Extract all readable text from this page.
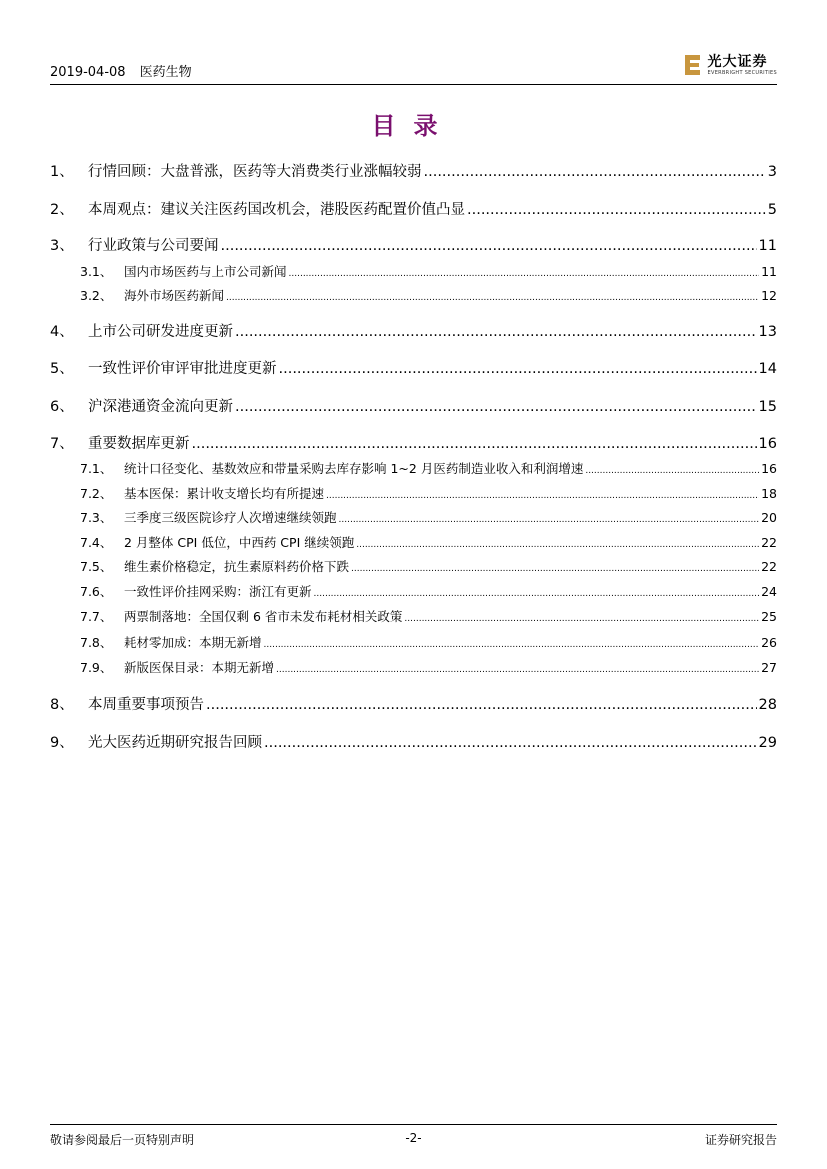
2019-04-08 医药生物
光大证券
EVERBRIGHT SECURITIES
目录
1、 行情回顾：大盘普涨，医药等大消费类行业涨幅较弱 .....	3
2、 本周观点：建议关注医药国改机会，港股医药配置价值凸显 .....	5
3、 行业政策与公司要闻 .....	11
3.1、 国内市场医药与上市公司新闻 .....	11
3.2、 海外市场医药新闻 .....	12
4、 上市公司研发进度更新 .....	13
5、 一致性评价审评审批进度更新 .....	14
6、 沪深港通资金流向更新 .....	15
7、 重要数据库更新 .....	16
7.1、 统计口径变化、基数效应和带量采购去库存影响 1~2 月医药制造业收入和利润增速 .....	16
7.2、 基本医保：累计收支增长均有所提速 .....	18
7.3、 三季度三级医院诊疗人次增速继续领跑 .....	20
7.4、 2 月整体 CPI 低位，中西药 CPI 继续领跑 .....	22
7.5、 维生素价格稳定，抗生素原料药价格下跌 .....	22
7.6、 一致性评价挂网采购：浙江有更新 .....	24
7.7、 两票制落地：全国仅剩 6 省市未发布耗材相关政策 .....	25
7.8、 耗材零加成：本期无新增 .....	26
7.9、 新版医保目录：本期无新增 .....	27
8、 本周重要事项预告 .....	28
9、 光大医药近期研究报告回顾 .....	29
敬请参阅最后一页特别声明	-2-	证券研究报告
